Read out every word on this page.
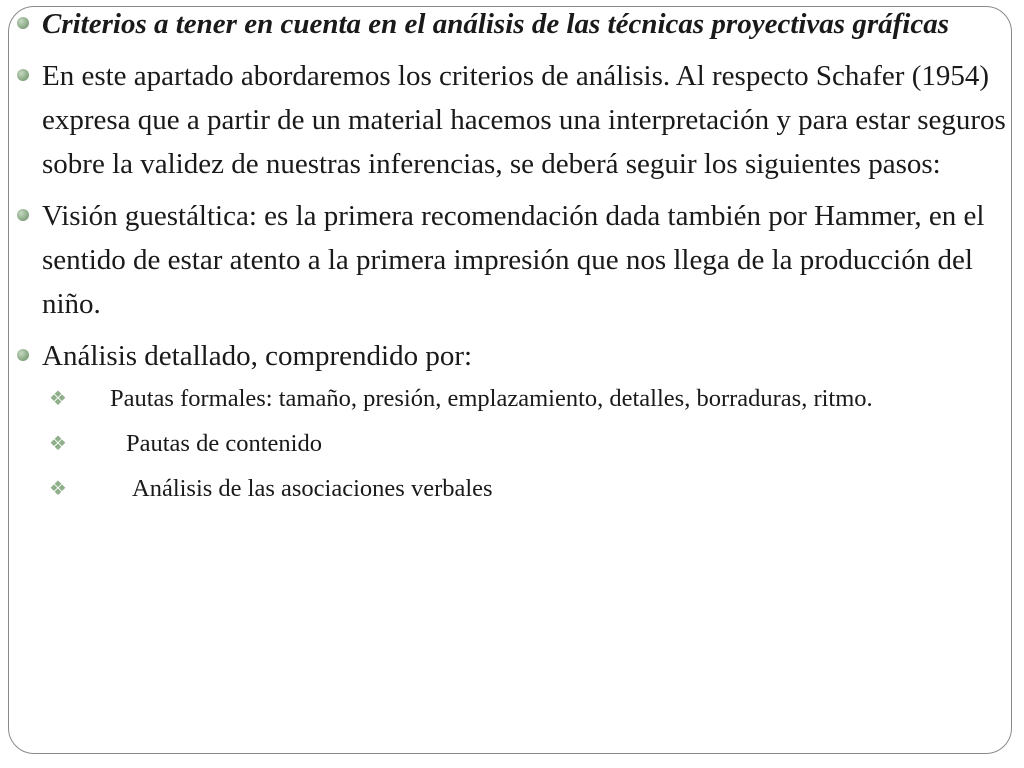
Criterios a tener en cuenta en el análisis de las técnicas proyectivas gráficas
En este apartado abordaremos los criterios de análisis. Al respecto Schafer (1954) expresa que a partir de un material hacemos una interpretación y para estar seguros sobre la validez de nuestras inferencias, se deberá seguir los siguientes pasos:
Visión guestáltica: es la primera recomendación dada también por Hammer, en el sentido de estar atento a la primera impresión que nos llega de la producción del niño.
Análisis detallado, comprendido por:
❖	Pautas formales: tamaño, presión, emplazamiento, detalles, borraduras, ritmo.
❖	Pautas de contenido
❖	Análisis de las asociaciones verbales
